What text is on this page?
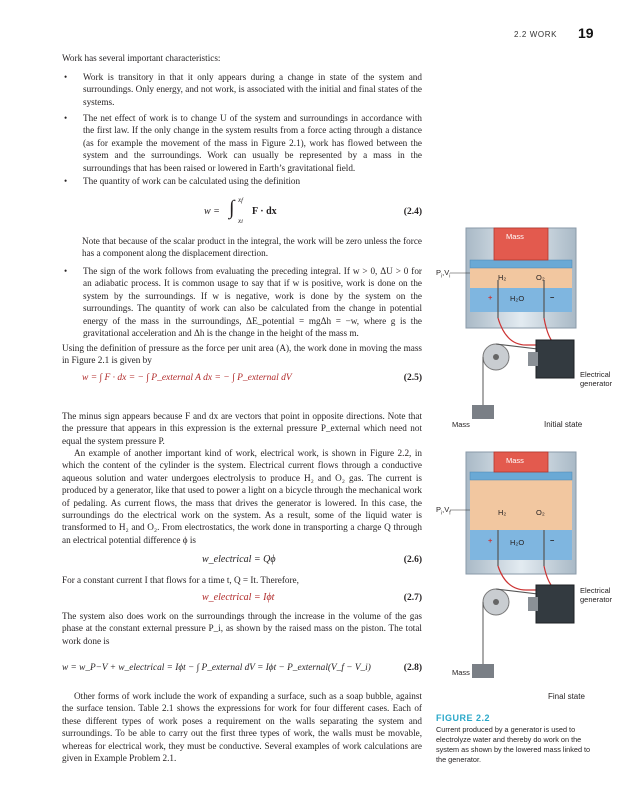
2.2 WORK 19

Work has several important characteristics:

• Work is transitory in that it only appears during a change in state of the system and surroundings. Only energy, and not work, is associated with the initial and final states of the systems.
• The net effect of work is to change U of the system and surroundings in accordance with the first law. If the only change in the system results from a force acting through a distance (as for example the movement of the mass in Figure 2.1), work has flowed between the system and the surroundings. Work can usually be represented by a mass in the surroundings that has been raised or lowered in Earth’s gravitational field.
• The quantity of work can be calculated using the definition
w = ∫ xf
xi
F · dx	(2.4)

Note that because of the scalar product in the integral, the work will be zero unless the force has a component along the displacement direction.

• The sign of the work follows from evaluating the preceding integral. If w > 0, ΔU > 0 for an adiabatic process. It is common usage to say that if w is positive, work is done on the system by the surroundings. If w is negative, work is done by the system on the surroundings. The quantity of work can also be calculated from the change in potential energy of the mass in the surroundings, ΔE_potential = mgΔh = −w, where g is the gravitational acceleration and Δh is the change in the height of the mass m.

Using the definition of pressure as the force per unit area (A), the work done in moving the mass in Figure 2.1 is given by

w = ∫ F · dx = − ∫ P_external A dx = − ∫ P_external dV	(2.5)

The minus sign appears because F and dx are vectors that point in opposite directions. Note that the pressure that appears in this expression is the external pressure P_external which need not equal the system pressure P.

An example of another important kind of work, electrical work, is shown in Figure 2.2, in which the content of the cylinder is the system. Electrical current flows through a conductive aqueous solution and water undergoes electrolysis to produce H₂ and O₂ gas. The current is produced by a generator, like that used to power a light on a bicycle through the mechanical work of pedaling. As current flows, the mass that drives the generator is lowered. In this case, the surroundings do the electrical work on the system. As a result, some of the liquid water is transformed to H₂ and O₂. From electrostatics, the work done in transporting a charge Q through an electrical potential difference ϕ is

w_electrical = Qϕ	(2.6)

For a constant current I that flows for a time t, Q = It. Therefore,

w_electrical = Iϕt	(2.7)

The system also does work on the surroundings through the increase in the volume of the gas phase at the constant external pressure P_i, as shown by the raised mass on the piston. The total work done is

w = w_P−V + w_electrical = Iϕt − ∫ P_external dV = Iϕt − P_external(V_f − V_i)	(2.8)

Other forms of work include the work of expanding a surface, such as a soap bubble, against the surface tension. Table 2.1 shows the expressions for work for four different cases. Each of these different types of work poses a requirement on the walls separating the system and surroundings. To be able to carry out the first three types of work, the walls must be movable, whereas for electrical work, they must be conductive. Several examples of work calculations are given in Example Problem 2.1.

Mass
$P_i,V_i$	H₂	O₂
+	−
H₂O
Electrical generator
Mass	Initial state
Mass
$P_i,V_f$	H₂	O₂
+	−
H₂O
Electrical generator
Mass
Final state
FIGURE 2.2
Current produced by a generator is used to electrolyze water and thereby do work on the system as shown by the lowered mass linked to the generator.
